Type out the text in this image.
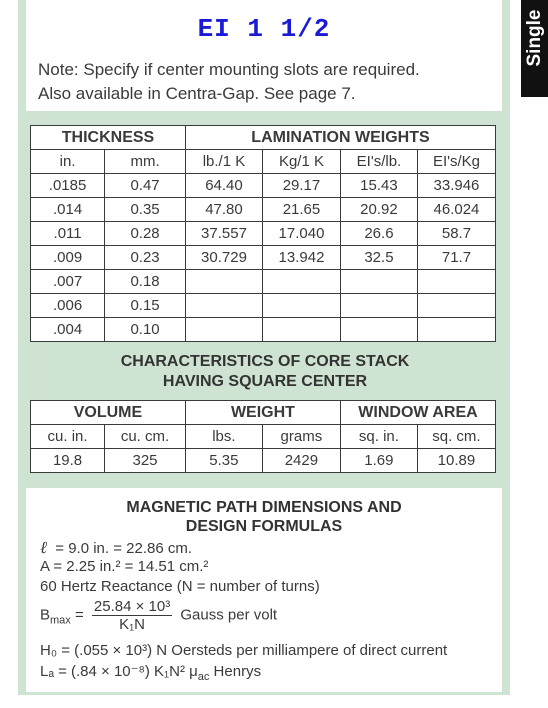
Single
EI 1 1/2
Note: Specify if center mounting slots are required.
Also available in Centra-Gap. See page 7.
THICKNESS		LAMINATION WEIGHTS			
in.	mm.	lb./1 K	Kg/1 K	EI's/lb.	EI's/Kg
.0185	0.47	64.40	29.17	15.43	33.946
.014	0.35	47.80	21.65	20.92	46.024
.011	0.28	37.557	17.040	26.6	58.7
.009	0.23	30.729	13.942	32.5	71.7
.007	0.18				
.006	0.15				
.004	0.10				
CHARACTERISTICS OF CORE STACK
HAVING SQUARE CENTER
VOLUME		WEIGHT		WINDOW AREA	
cu. in.	cu. cm.	lbs.	grams	sq. in.	sq. cm.
19.8	325	5.35	2429	1.69	10.89
MAGNETIC PATH DIMENSIONS AND
DESIGN FORMULAS
ℓ = 9.0 in. = 22.86 cm.
A = 2.25 in.² = 14.51 cm.²
60 Hertz Reactance (N = number of turns)
$B_{max} = \frac{\text{25.84 × 10³}}{\text{K₁N}}$ Gauss per volt
H₀ = (.055 × 10³) N Oersteds per milliampere of direct current
Lₐ = (.84 × 10⁻⁸) K₁N² $\mu_{ac}$ Henrys
